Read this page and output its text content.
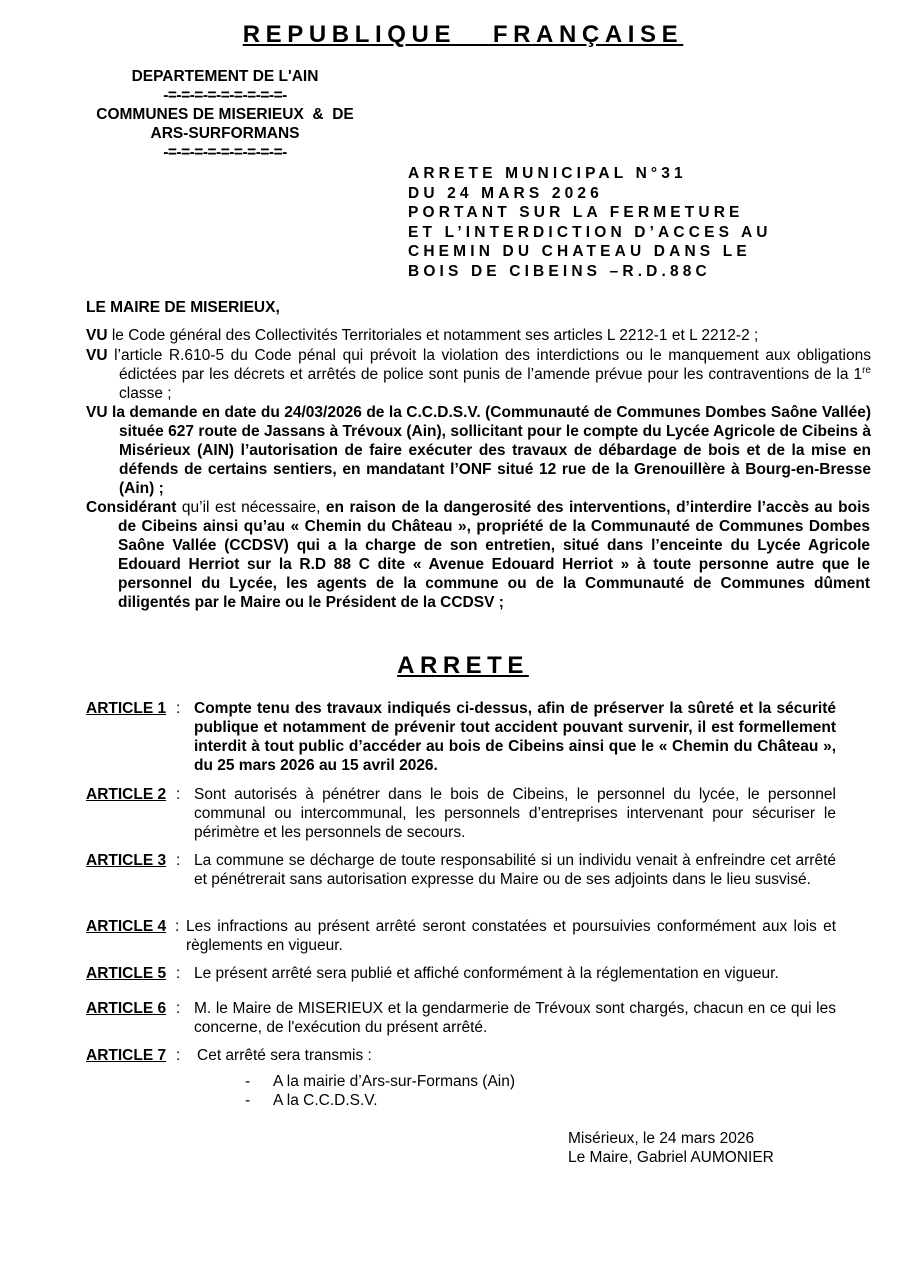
REPUBLIQUE   FRANÇAISE
DEPARTEMENT DE L'AIN
-=-=-=-=-=-=-=-=-=-
COMMUNES DE MISERIEUX  &  DE
ARS-SURFORMANS
-=-=-=-=-=-=-=-=-=-
ARRETE MUNICIPAL N°31
DU 24 MARS 2026
PORTANT SUR LA FERMETURE
ET L’INTERDICTION D’ACCES AU
CHEMIN DU CHATEAU DANS LE
BOIS DE CIBEINS –R.D.88C
LE MAIRE DE MISERIEUX,
VU le Code général des Collectivités Territoriales et notamment ses articles L 2212-1 et L 2212-2 ;
VU l’article R.610-5 du Code pénal qui prévoit la violation des interdictions ou le manquement aux obligations édictées par les décrets et arrêtés de police sont punis de l’amende prévue pour les contraventions de la 1re classe ;
VU la demande en date du 24/03/2026 de la C.C.D.S.V. (Communauté de Communes Dombes Saône Vallée) située 627 route de Jassans à Trévoux (Ain), sollicitant pour le compte du Lycée Agricole de Cibeins à Misérieux (AIN) l’autorisation de faire exécuter des travaux de débardage de bois et de la mise en défends de certains sentiers, en mandatant l’ONF situé 12 rue de la Grenouillère à Bourg-en-Bresse (Ain) ;
Considérant qu’il est nécessaire, en raison de la dangerosité des interventions, d’interdire l’accès au bois de Cibeins ainsi qu’au « Chemin du Château », propriété de la Communauté de Communes Dombes Saône Vallée (CCDSV) qui a la charge de son entretien, situé dans l’enceinte du Lycée Agricole Edouard Herriot sur la R.D 88 C dite « Avenue Edouard Herriot » à toute personne autre que le personnel du Lycée, les agents de la commune ou de la Communauté de Communes dûment diligentés par le Maire ou le Président de la CCDSV ;
ARRETE
ARTICLE 1 : Compte tenu des travaux indiqués ci-dessus, afin de préserver la sûreté et la sécurité publique et notamment de prévenir tout accident pouvant survenir, il est formellement interdit à tout public d’accéder au bois de Cibeins ainsi que le « Chemin du Château », du 25 mars 2026 au 15 avril 2026.
ARTICLE 2 : Sont autorisés à pénétrer dans le bois de Cibeins, le personnel du lycée, le personnel communal ou intercommunal, les personnels d’entreprises intervenant pour sécuriser le périmètre et les personnels de secours.
ARTICLE 3 : La commune se décharge de toute responsabilité si un individu venait à enfreindre cet arrêté et pénétrerait sans autorisation expresse du Maire ou de ses adjoints dans le lieu susvisé.
ARTICLE 4 : Les infractions au présent arrêté seront constatées et poursuivies conformément aux lois et règlements en vigueur.
ARTICLE 5 : Le présent arrêté sera publié et affiché conformément à la réglementation en vigueur.
ARTICLE 6 : M. le Maire de MISERIEUX et la gendarmerie de Trévoux sont chargés, chacun en ce qui les concerne, de l'exécution du présent arrêté.
ARTICLE 7 : Cet arrêté sera transmis :
- A la mairie d’Ars-sur-Formans (Ain)
- A la C.C.D.S.V.
Misérieux, le 24 mars 2026
Le Maire, Gabriel AUMONIER
